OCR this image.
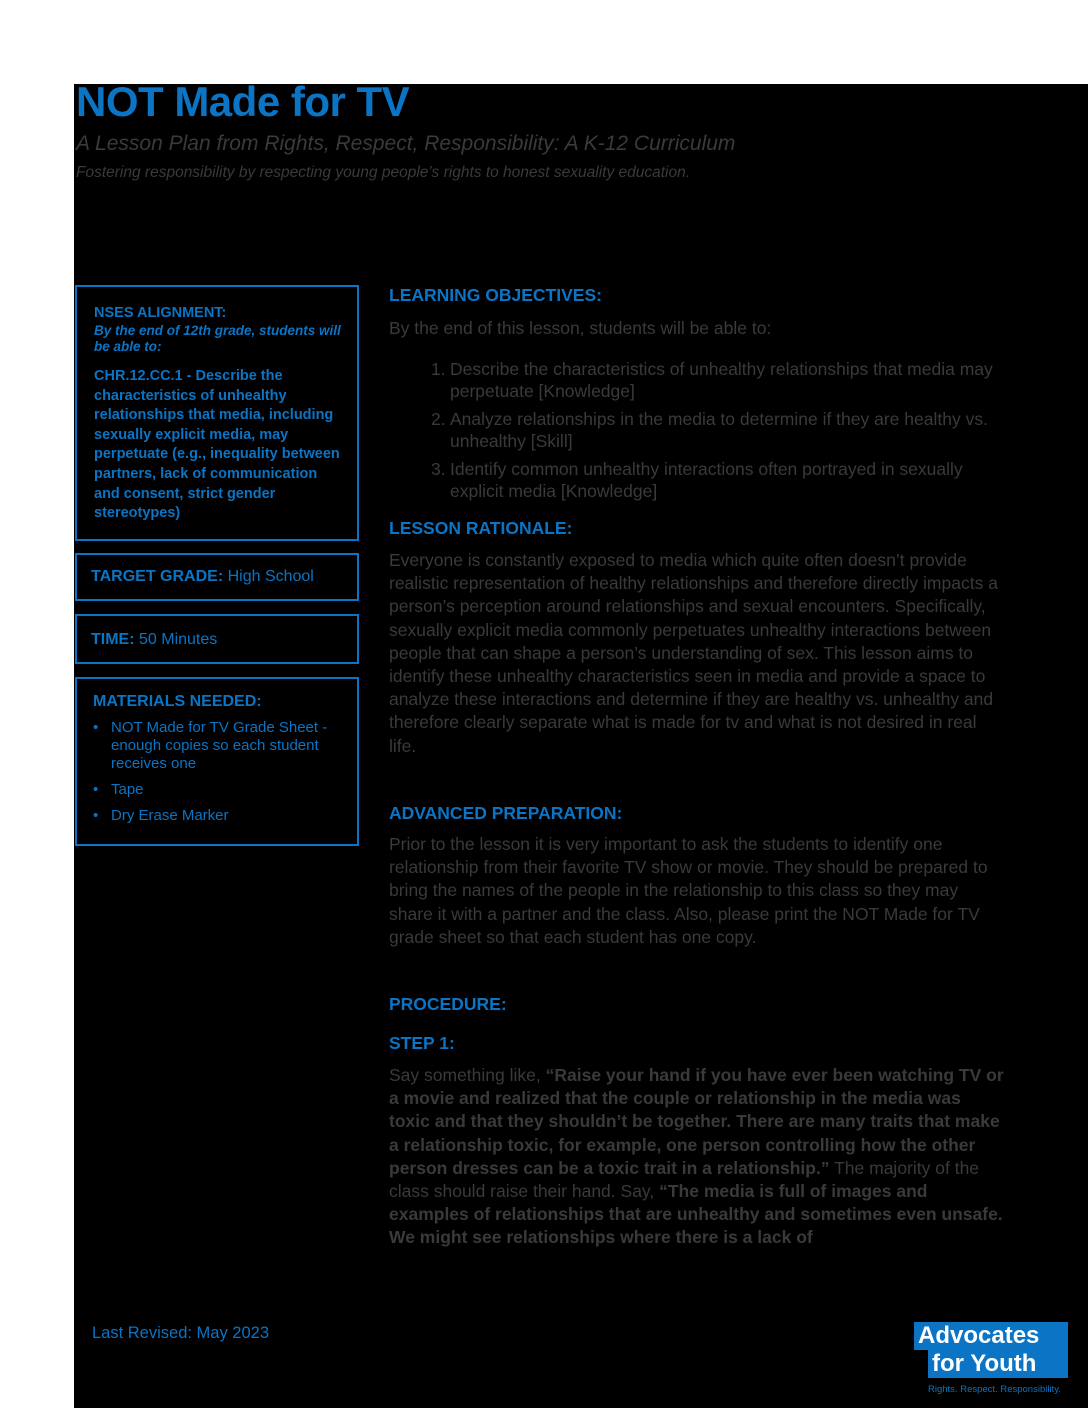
NOT Made for TV

A Lesson Plan from Rights, Respect, Responsibility: A K-12 Curriculum

Fostering responsibility by respecting young people’s rights to honest sexuality education.

NSES ALIGNMENT:

By the end of 12th grade, students will be able to:

CHR.12.CC.1 - Describe the characteristics of unhealthy relationships that media, including sexually explicit media, may perpetuate (e.g., inequality between partners, lack of communication and consent, strict gender stereotypes)

TARGET GRADE: High School
TIME: 50 Minutes

MATERIALS NEEDED:

• NOT Made for TV Grade Sheet - enough copies so each student receives one
• Tape
• Dry Erase Marker

LEARNING OBJECTIVES:

By the end of this lesson, students will be able to:

1. Describe the characteristics of unhealthy relationships that media may perpetuate [Knowledge]
2. Analyze relationships in the media to determine if they are healthy vs. unhealthy [Skill]
3. Identify common unhealthy interactions often portrayed in sexually explicit media [Knowledge]

LESSON RATIONALE:

Everyone is constantly exposed to media which quite often doesn’t provide realistic representation of healthy relationships and therefore directly impacts a person’s perception around relationships and sexual encounters. Specifically, sexually explicit media commonly perpetuates unhealthy interactions between people that can shape a person’s understanding of sex. This lesson aims to identify these unhealthy characteristics seen in media and provide a space to analyze these interactions and determine if they are healthy vs. unhealthy and therefore clearly separate what is made for tv and what is not desired in real life.

ADVANCED PREPARATION:

Prior to the lesson it is very important to ask the students to identify one relationship from their favorite TV show or movie. They should be prepared to bring the names of the people in the relationship to this class so they may share it with a partner and the class. Also, please print the NOT Made for TV grade sheet so that each student has one copy.

PROCEDURE:

STEP 1:

Say something like, “Raise your hand if you have ever been watching TV or a movie and realized that the couple or relationship in the media was toxic and that they shouldn’t be together. There are many traits that make a relationship toxic, for example, one person controlling how the other person dresses can be a toxic trait in a relationship.” The majority of the class should raise their hand. Say, “The media is full of images and examples of relationships that are unhealthy and sometimes even unsafe. We might see relationships where there is a lack of

Last Revised: May 2023	Advocates
for Youth
Rights. Respect. Responsibility.
